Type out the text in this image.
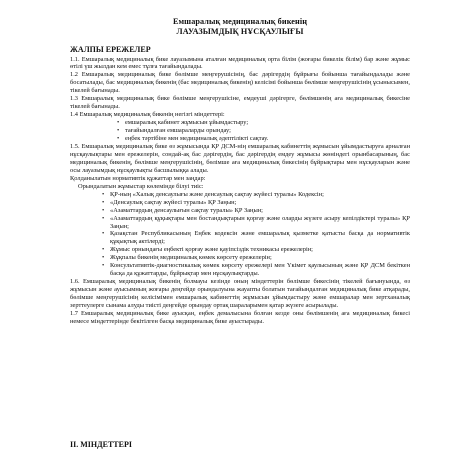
Емшаралық медициналық бикенің
ЛАУАЗЫМДЫҚ НҰСҚАУЛЫҒЫ
ЖАЛПЫ ЕРЕЖЕЛЕР

1.1. Емшаралық медициналық бике лауазымына аталған медициналық орта білім (жоғары бикелік білім) бар және жұмыс өтілі үш жылдан кем емес тұлға тағайындалады.

1.2 Емшаралық медициналық бике бөлімше меңгерушісінің, бас дәрігердің бұйрығы бойынша тағайындалады және босатылады, бас медициналық бикенің (бас медициналық бикенің) келісімі бойынша бөлімше меңгерушісінің ұсынысымен, тікелей бағынады.

1.3 Емшаралық медициналық бике бөлімше меңгерушісіне, емдеуші дәрігерге, бөлімшенің аға медициналық бикесіне тікелей бағынады.

1.4 Емшаралық медициналық бикенің негізгі міндеттері:

• емшаралық кабинет жұмысын ұйымдастыру;
• тағайындалған емшараларды орындау;
• еңбек тәртібіне мен медициналық әдептілікті сақтау.

1.5. Емшаралық медициналық бике өз жұмысында ҚР ДСМ-нің емшаралық кабинеттің жұмысын ұйымдастыруға арналған нұсқаулықтары мен ережелерін, сондай-ақ бас дәрігердің, бас дәрігердің емдеу жұмысы жөніндегі орынбасарының, бас медициналық бикенің, бөлімше меңгерушісінің, бөлімше аға медициналық бикесінің бұйрықтары мен нұсқауларын және осы лауазымдық нұсқаулықты басшылыққа алады.

Қолданылатын нормативтік құжаттар мен заңдар:

Орындалатын жұмыстар көлемінде білуі тиіс:

• ҚР-ның «Халық денсаулығы және денсаулық сақтау жүйесі туралы» Кодексін;
• «Денсаулық сақтау жүйесі туралы» ҚР Заңын;
• «Азаматтардың денсаулығын сақтау туралы» ҚР Заңын;
• «Азаматтардың құқықтары мен бостандықтарын қорғау және оларды жүзеге асыру кепілдіктері туралы» ҚР Заңын;
• Қазақстан Республикасының Еңбек кодексін және емшаралық қызметке қатысты басқа да нормативтік құқықтық актілерді;
• Жұмыс орнындағы еңбекті қорғау және қауіпсіздік техникасы ережелерін;
• Жұқпалы бикенің медициналық көмек көрсету ережелерін;
• Консультативтік-диагностикалық көмек көрсету ережелері мен Үкімет қаулысының және ҚР ДСМ бекіткен басқа да құжаттарды, бұйрықтар мен нұсқаулықтарды.

1.6. Емшаралық медициналық бикенің болмауы кезінде оның міндеттерін бөлімше бикесінің тікелей бағынуында, өз жұмысын және ауысымның жоғары деңгейде орындалуына жауапты болатын тағайындалған медициналық бике атқарады, бөлімше меңгерушісінің келісімімен емшаралық кабинеттің жұмысын ұйымдастыру және емшаралар мен зертханалық зерттеулерге сынама алуды тиісті деңгейде орындау ортақ шараларымен қатар жүзеге асырылады.

1.7 Емшаралық медициналық бике ауысқан, еңбек демалысына болған кезде оны бөлімшенің аға медициналық бикесі немесе міндеттерінде бекітілген басқа медициналық бике ауыстырады.

II. МІНДЕТТЕРІ
